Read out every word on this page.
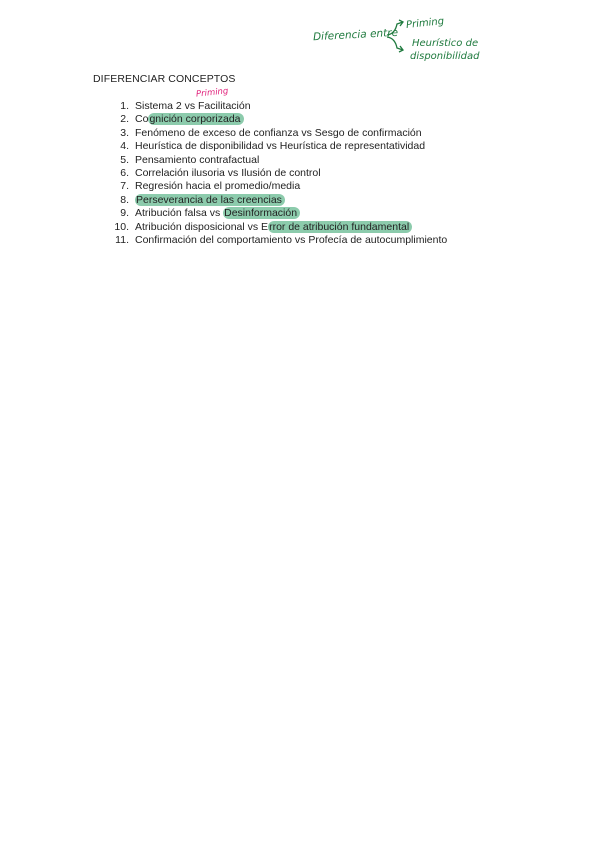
Diferencia entre
Priming
Heurístico de
disponibilidad
Priming
DIFERENCIAR CONCEPTOS
1. Sistema 2 vs Facilitación
2. Cognición corporizada
3. Fenómeno de exceso de confianza vs Sesgo de confirmación
4. Heurística de disponibilidad vs Heurística de representatividad
5. Pensamiento contrafactual
6. Correlación ilusoria vs Ilusión de control
7. Regresión hacia el promedio/media
8. Perseverancia de las creencias
9. Atribución falsa vs Desinformación
10. Atribución disposicional vs Error de atribución fundamental
11. Confirmación del comportamiento vs Profecía de autocumplimiento
